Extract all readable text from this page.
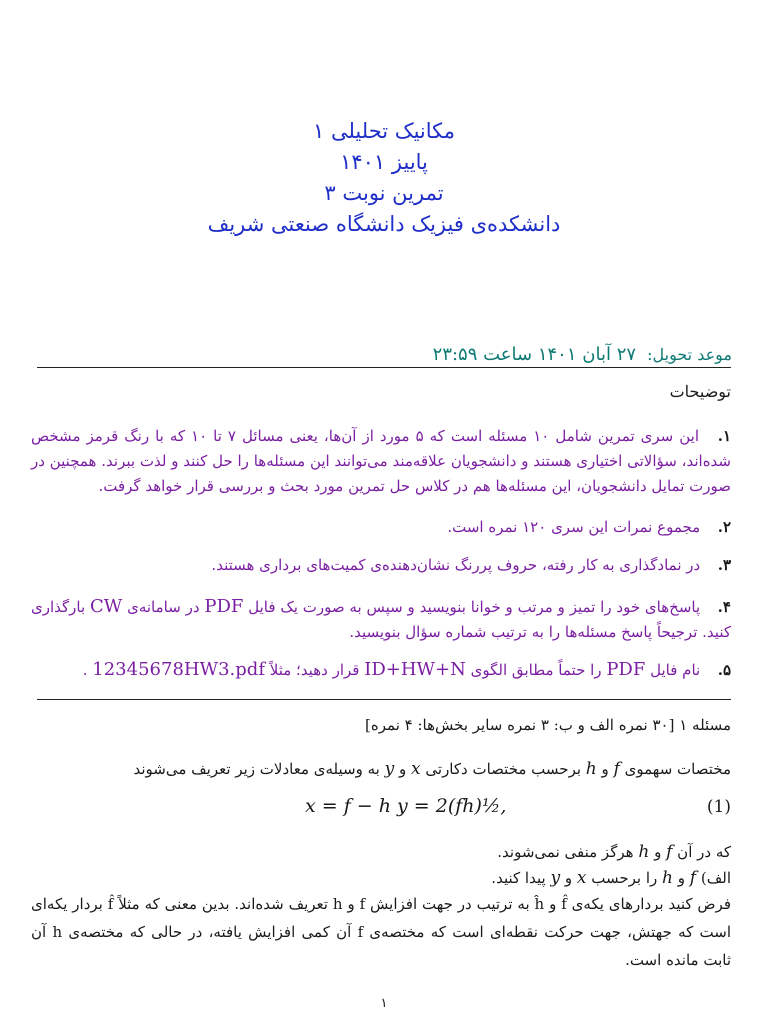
مکانیک تحلیلی ۱
پاییز ۱۴۰۱
تمرین نوبت ۳
دانشکده‌ی فیزیک دانشگاه صنعتی شریف
موعد تحویل: ۲۷ آبان ۱۴۰۱ ساعت ۲۳:۵۹
توضیحات
۱. این سری تمرین شامل ۱۰ مسئله است که ۵ مورد از آن‌ها، یعنی مسائل ۷ تا ۱۰ که با رنگ قرمز مشخص شده‌اند، سؤالاتی اختیاری هستند و دانشجویان علاقه‌مند می‌توانند این مسئله‌ها را حل کنند و لذت ببرند. همچنین در صورت تمایل دانشجویان، این مسئله‌ها هم در کلاس حل تمرین مورد بحث و بررسی قرار خواهد گرفت.
۲. مجموع نمرات این سری ۱۲۰ نمره است.
۳. در نمادگذاری به کار رفته، حروف پررنگ نشان‌دهنده‌ی کمیت‌های برداری هستند.
۴. پاسخ‌های خود را تمیز و مرتب و خوانا بنویسید و سپس به صورت یک فایل PDF در سامانه‌ی CW بارگذاری کنید. ترجیحاً پاسخ مسئله‌ها را به ترتیب شماره سؤال بنویسید.
۵. نام فایل PDF را حتماً مطابق الگوی ID+HW+N قرار دهید؛ مثلاً 12345678HW3.pdf .
مسئله ۱ [۳۰ نمره الف و ب: ۳ نمره سایر بخش‌ها: ۴ نمره]
مختصات سهموی f و h برحسب مختصات دکارتی x و y به وسیله‌ی معادلات زیر تعریف می‌شوند
x = f − h y = 2(fh)½,	(1)
که در آن f و h هرگز منفی نمی‌شوند.
الف) f و h را برحسب x و y پیدا کنید.
فرض کنید بردارهای یکه‌ی f̂ و ĥ به ترتیب در جهت افزایش f و h تعریف شده‌اند. بدین معنی که مثلاً f̂ بردار یکه‌ای است که جهتش، جهت حرکت نقطه‌ای است که مختصه‌ی f آن کمی افزایش یافته، در حالی که مختصه‌ی h آن ثابت مانده است.
۱
